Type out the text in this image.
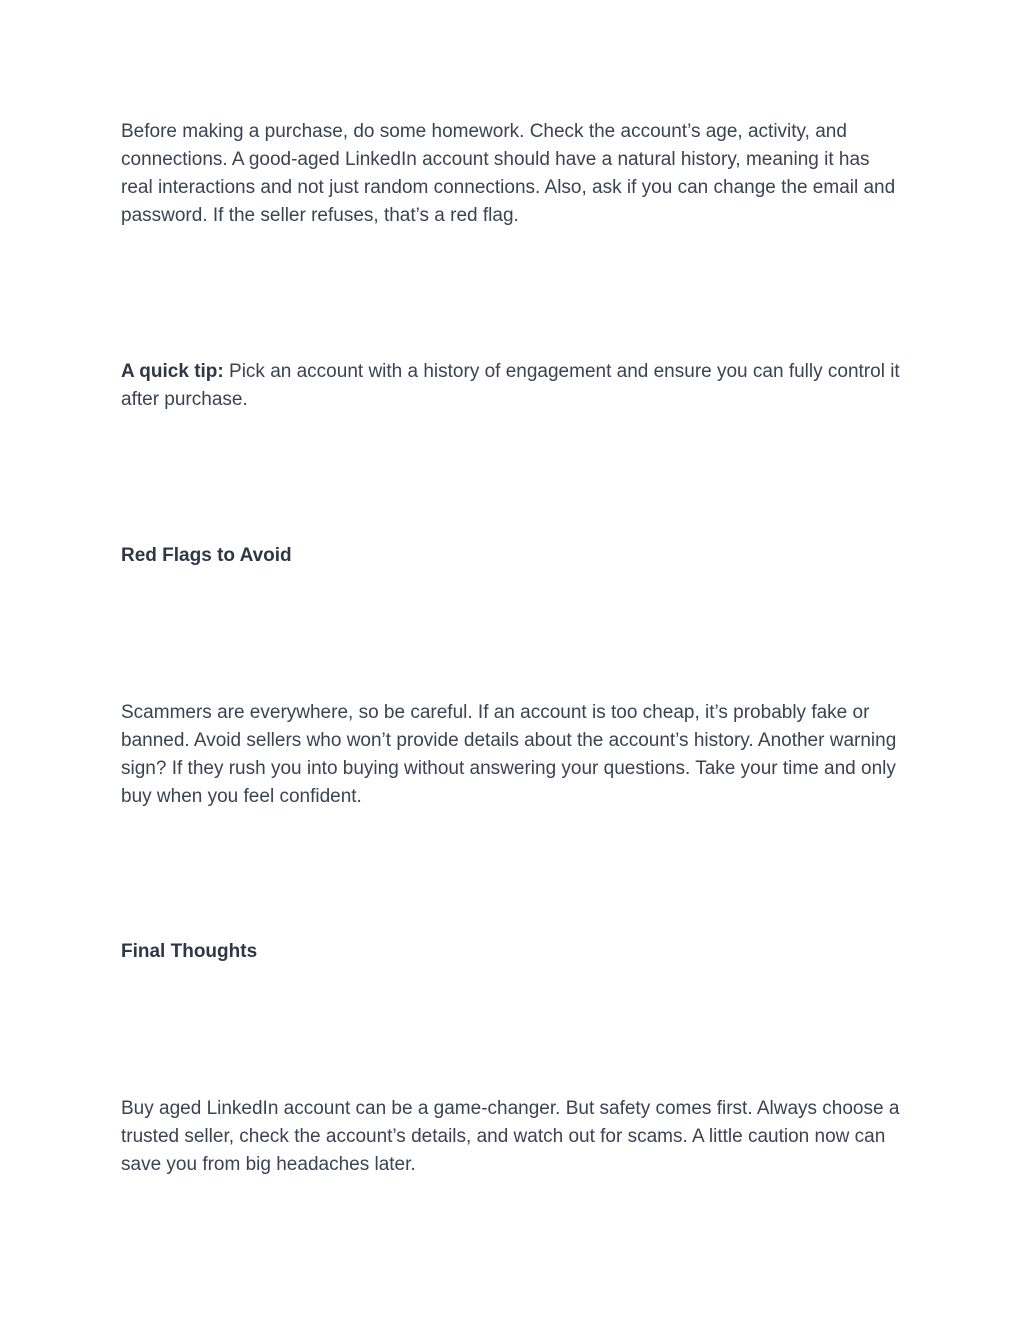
Before making a purchase, do some homework. Check the account’s age, activity, and connections. A good-aged LinkedIn account should have a natural history, meaning it has real interactions and not just random connections. Also, ask if you can change the email and password. If the seller refuses, that’s a red flag.

A quick tip: Pick an account with a history of engagement and ensure you can fully control it after purchase.

Red Flags to Avoid

Scammers are everywhere, so be careful. If an account is too cheap, it’s probably fake or banned. Avoid sellers who won’t provide details about the account’s history. Another warning sign? If they rush you into buying without answering your questions. Take your time and only buy when you feel confident.

Final Thoughts

Buy aged LinkedIn account can be a game-changer. But safety comes first. Always choose a trusted seller, check the account’s details, and watch out for scams. A little caution now can save you from big headaches later.
